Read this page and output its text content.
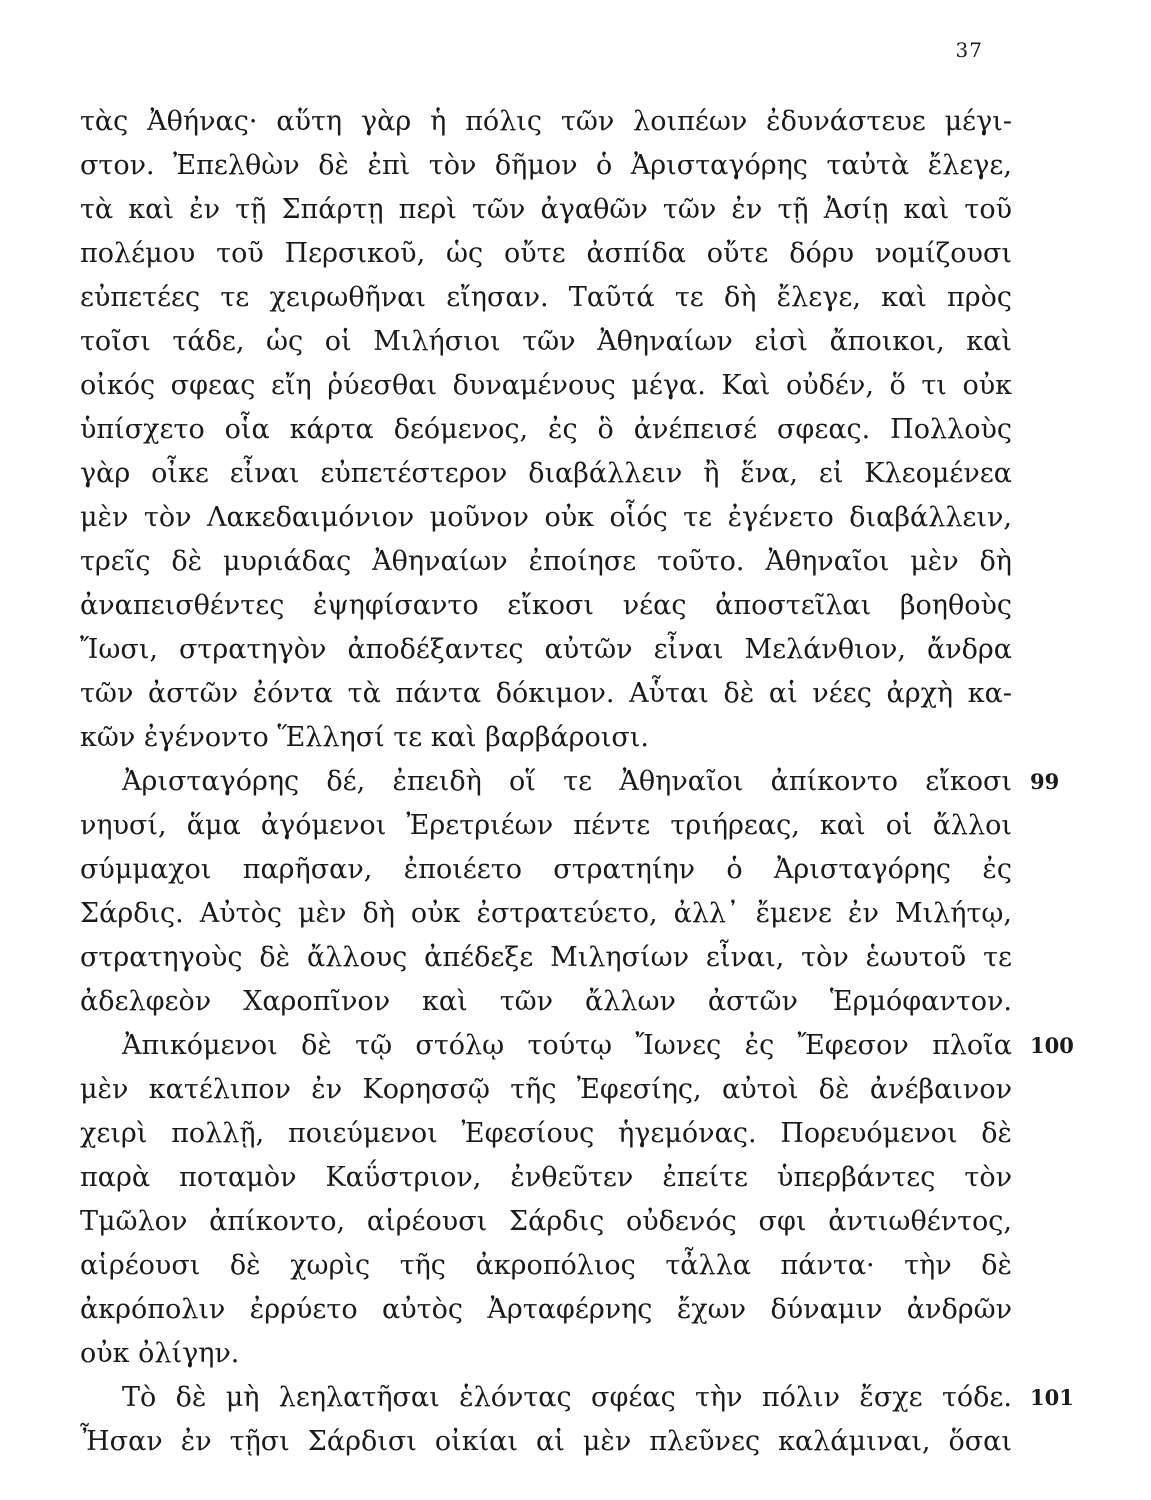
37
τὰς Ἀθήνας· αὕτη γὰρ ἡ πόλις τῶν λοιπέων ἐδυνάστευε μέγι-
στον. Ἐπελθὼν δὲ ἐπὶ τὸν δῆμον ὁ Ἀρισταγόρης ταὐτὰ ἔλεγε,
τὰ καὶ ἐν τῇ Σπάρτῃ περὶ τῶν ἀγαθῶν τῶν ἐν τῇ Ἀσίῃ καὶ τοῦ
πολέμου τοῦ Περσικοῦ, ὡς οὔτε ἀσπίδα οὔτε δόρυ νομίζουσι
εὐπετέες τε χειρωθῆναι εἴησαν. Ταῦτά τε δὴ ἔλεγε, καὶ πρὸς
τοῖσι τάδε, ὡς οἱ Μιλήσιοι τῶν Ἀθηναίων εἰσὶ ἄποικοι, καὶ
οἰκός σφεας εἴη ῥύεσθαι δυναμένους μέγα. Καὶ οὐδέν, ὅ τι οὐκ
ὑπίσχετο οἷα κάρτα δεόμενος, ἐς ὃ ἀνέπεισέ σφεας. Πολλοὺς
γὰρ οἶκε εἶναι εὐπετέστερον διαβάλλειν ἢ ἕνα, εἰ Κλεομένεα
μὲν τὸν Λακεδαιμόνιον μοῦνον οὐκ οἷός τε ἐγένετο διαβάλλειν,
τρεῖς δὲ μυριάδας Ἀθηναίων ἐποίησε τοῦτο. Ἀθηναῖοι μὲν δὴ
ἀναπεισθέντες ἐψηφίσαντο εἴκοσι νέας ἀποστεῖλαι βοηθοὺς
Ἴωσι, στρατηγὸν ἀποδέξαντες αὐτῶν εἶναι Μελάνθιον, ἄνδρα
τῶν ἀστῶν ἐόντα τὰ πάντα δόκιμον. Αὗται δὲ αἱ νέες ἀρχὴ κα-
κῶν ἐγένοντο Ἕλλησί τε καὶ βαρβάροισι.
Ἀρισταγόρης δέ, ἐπειδὴ οἵ τε Ἀθηναῖοι ἀπίκοντο εἴκοσι 99
νηυσί, ἅμα ἀγόμενοι Ἐρετριέων πέντε τριήρεας, καὶ οἱ ἄλλοι
σύμμαχοι παρῆσαν, ἐποιέετο στρατηίην ὁ Ἀρισταγόρης ἐς
Σάρδις. Αὐτὸς μὲν δὴ οὐκ ἐστρατεύετο, ἀλλ᾽ ἔμενε ἐν Μιλήτῳ,
στρατηγοὺς δὲ ἄλλους ἀπέδεξε Μιλησίων εἶναι, τὸν ἑωυτοῦ τε
ἀδελφεὸν Χαροπῖνον καὶ τῶν ἄλλων ἀστῶν Ἑρμόφαντον.
Ἀπικόμενοι δὲ τῷ στόλῳ τούτῳ Ἴωνες ἐς Ἔφεσον πλοῖα 100
μὲν κατέλιπον ἐν Κορησσῷ τῆς Ἐφεσίης, αὐτοὶ δὲ ἀνέβαινον
χειρὶ πολλῇ, ποιεύμενοι Ἐφεσίους ἡγεμόνας. Πορευόμενοι δὲ
παρὰ ποταμὸν Καΰστριον, ἐνθεῦτεν ἐπείτε ὑπερβάντες τὸν
Τμῶλον ἀπίκοντο, αἱρέουσι Σάρδις οὐδενός σφι ἀντιωθέντος,
αἱρέουσι δὲ χωρὶς τῆς ἀκροπόλιος τἆλλα πάντα· τὴν δὲ
ἀκρόπολιν ἐρρύετο αὐτὸς Ἀρταφέρνης ἔχων δύναμιν ἀνδρῶν
οὐκ ὀλίγην.
Τὸ δὲ μὴ λεηλατῆσαι ἑλόντας σφέας τὴν πόλιν ἔσχε τόδε. 101
Ἦσαν ἐν τῇσι Σάρδισι οἰκίαι αἱ μὲν πλεῦνες καλάμιναι, ὅσαι
